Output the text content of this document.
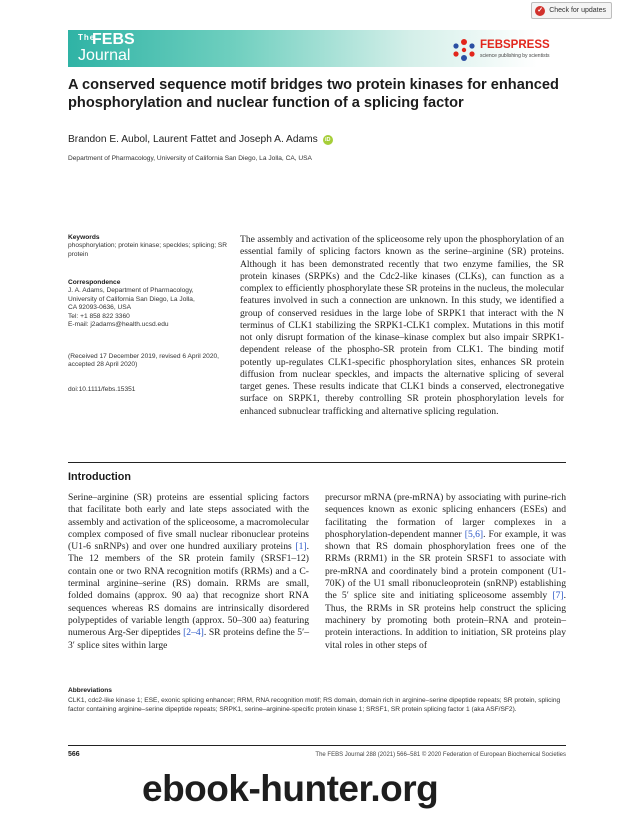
The
FEBS
Journal
✓ Check for updates
FEBSPRESS
science publishing by scientists
A conserved sequence motif bridges two protein kinases for enhanced phosphorylation and nuclear function of a splicing factor
Brandon E. Aubol, Laurent Fattet and Joseph A. Adams	iD
Department of Pharmacology, University of California San Diego, La Jolla, CA, USA

Keywords

phosphorylation; protein kinase; speckles; splicing; SR protein

Correspondence

J. A. Adams, Department of Pharmacology,

University of California San Diego, La Jolla,

CA 92093-0636, USA

Tel: +1 858 822 3360

E-mail: j2adams@health.ucsd.edu

(Received 17 December 2019, revised 6 April 2020, accepted 28 April 2020)
doi:10.1111/febs.15351
The assembly and activation of the spliceosome rely upon the phosphorylation of an essential family of splicing factors known as the serine–arginine (SR) proteins. Although it has been demonstrated recently that two enzyme families, the SR protein kinases (SRPKs) and the Cdc2-like kinases (CLKs), can function as a complex to efficiently phosphorylate these SR proteins in the nucleus, the molecular features involved in such a connection are unknown. In this study, we identified a group of conserved residues in the large lobe of SRPK1 that interact with the N terminus of CLK1 stabilizing the SRPK1-CLK1 complex. Mutations in this motif not only disrupt formation of the kinase–kinase complex but also impair SRPK1-dependent release of the phospho-SR protein from CLK1. The binding motif potently up-regulates CLK1-specific phosphorylation sites, enhances SR protein diffusion from nuclear speckles, and impacts the alternative splicing of several target genes. These results indicate that CLK1 binds a conserved, electronegative surface on SRPK1, thereby controlling SR protein phosphorylation levels for enhanced subnuclear trafficking and alternative splicing regulation.
Introduction
Serine–arginine (SR) proteins are essential splicing factors that facilitate both early and late steps associated with the assembly and activation of the spliceosome, a macromolecular complex composed of five small nuclear ribonuclear proteins (U1-6 snRNPs) and over one hundred auxiliary proteins [1]. The 12 members of the SR protein family (SRSF1–12) contain one or two RNA recognition motifs (RRMs) and a C-terminal arginine–serine (RS) domain. RRMs are small, folded domains (approx. 90 aa) that recognize short RNA sequences whereas RS domains are intrinsically disordered polypeptides of variable length (approx. 50–300 aa) featuring numerous Arg-Ser dipeptides [2–4]. SR proteins define the 5′–3′ splice sites within large
precursor mRNA (pre-mRNA) by associating with purine-rich sequences known as exonic splicing enhancers (ESEs) and facilitating the formation of larger complexes in a phosphorylation-dependent manner [5,6]. For example, it was shown that RS domain phosphorylation frees one of the RRMs (RRM1) in the SR protein SRSF1 to associate with pre-mRNA and coordinately bind a protein component (U1-70K) of the U1 small ribonucleoprotein (snRNP) establishing the 5′ splice site and initiating spliceosome assembly [7]. Thus, the RRMs in SR proteins help construct the splicing machinery by promoting both protein–RNA and protein–protein interactions. In addition to initiation, SR proteins play vital roles in other steps of
Abbreviations
CLK1, cdc2-like kinase 1; ESE, exonic splicing enhancer; RRM, RNA recognition motif; RS domain, domain rich in arginine–serine dipeptide repeats; SR protein, splicing factor containing arginine–serine dipeptide repeats; SRPK1, serine–arginine-specific protein kinase 1; SRSF1, SR protein splicing factor 1 (aka ASF/SF2).
566	The FEBS Journal 288 (2021) 566–581 © 2020 Federation of European Biochemical Societies
ebook-hunter.org
